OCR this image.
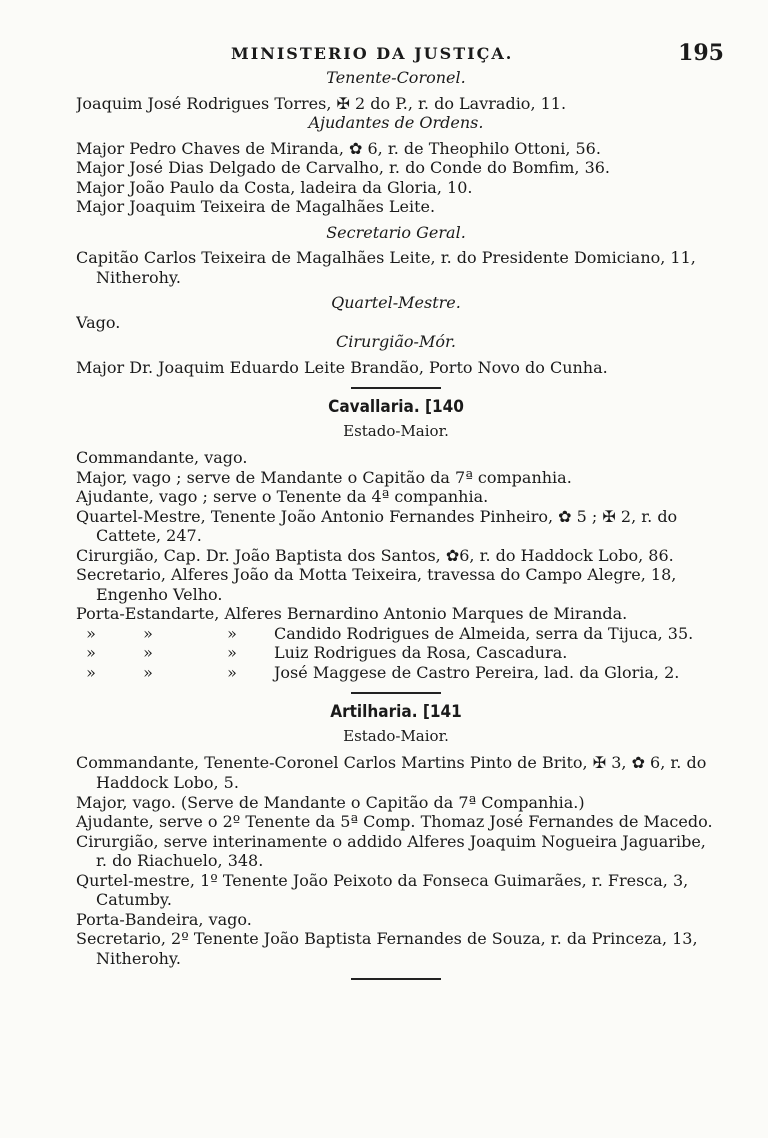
MINISTERIO DA JUSTIÇA.	195

Tenente-Coronel.

Joaquim José Rodrigues Torres, ✠ 2 do P., r. do Lavradio, 11.

Ajudantes de Ordens.

Major Pedro Chaves de Miranda, ✿ 6, r. de Theophilo Ottoni, 56.

Major José Dias Delgado de Carvalho, r. do Conde do Bomfim, 36.

Major João Paulo da Costa, ladeira da Gloria, 10.

Major Joaquim Teixeira de Magalhães Leite.

Secretario Geral.

Capitão Carlos Teixeira de Magalhães Leite, r. do Presidente Domiciano, 11, Nitherohy.

Quartel-Mestre.

Vago.

Cirurgião-Mór.

Major Dr. Joaquim Eduardo Leite Brandão, Porto Novo do Cunha.

Cavallaria. [140

Estado-Maior.

Commandante, vago.

Major, vago ; serve de Mandante o Capitão da 7ª companhia.

Ajudante, vago ; serve o Tenente da 4ª companhia.

Quartel-Mestre, Tenente João Antonio Fernandes Pinheiro, ✿ 5 ; ✠ 2, r. do Cattete, 247.

Cirurgião, Cap. Dr. João Baptista dos Santos, ✿6, r. do Haddock Lobo, 86.

Secretario, Alferes João da Motta Teixeira, travessa do Campo Alegre, 18, Engenho Velho.

Porta-Estandarte, Alferes Bernardino Antonio Marques de Miranda.

»	»	»	Candido Rodrigues de Almeida, serra da Tijuca, 35.
»	»	»	Luiz Rodrigues da Rosa, Cascadura.
»	»	»	José Maggese de Castro Pereira, lad. da Gloria, 2.

Artilharia. [141

Estado-Maior.

Commandante, Tenente-Coronel Carlos Martins Pinto de Brito, ✠ 3, ✿ 6, r. do Haddock Lobo, 5.

Major, vago. (Serve de Mandante o Capitão da 7ª Companhia.)

Ajudante, serve o 2º Tenente da 5ª Comp. Thomaz José Fernandes de Macedo.

Cirurgião, serve interinamente o addido Alferes Joaquim Nogueira Jaguaribe, r. do Riachuelo, 348.

Qurtel-mestre, 1º Tenente João Peixoto da Fonseca Guimarães, r. Fresca, 3, Catumby.

Porta-Bandeira, vago.

Secretario, 2º Tenente João Baptista Fernandes de Souza, r. da Princeza, 13, Nitherohy.
